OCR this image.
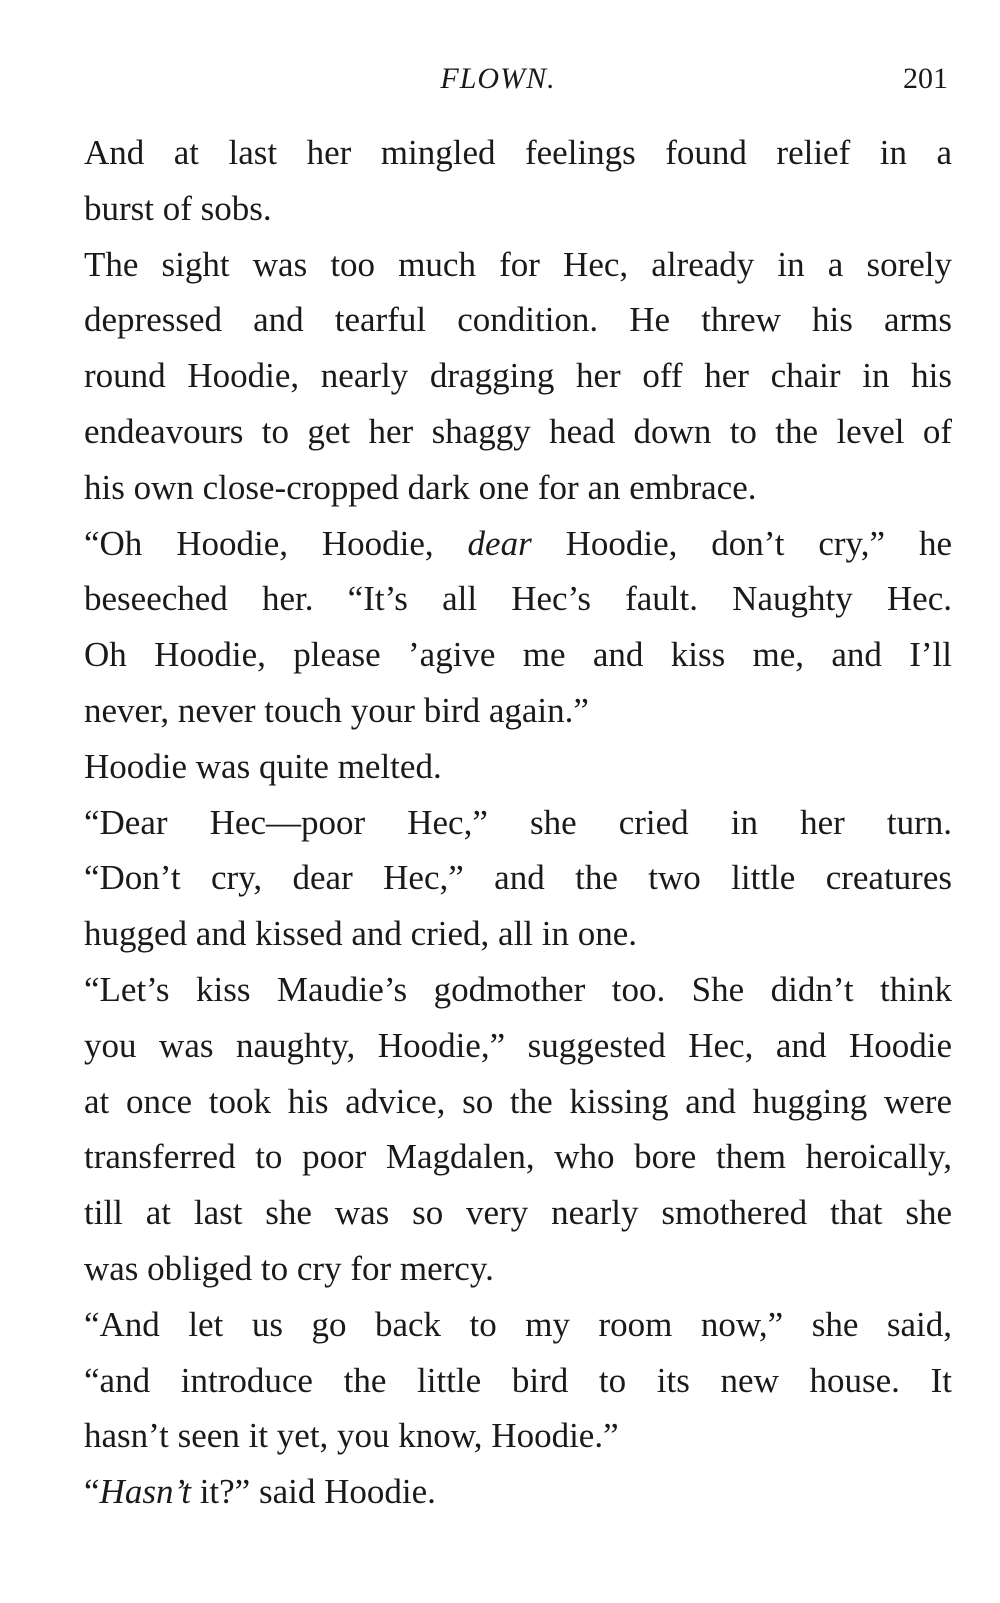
FLOWN.	201

And at last her mingled feelings found relief in a
burst of sobs.

The sight was too much for Hec, already in a sorely
depressed and tearful condition. He threw his arms
round Hoodie, nearly dragging her off her chair in his
endeavours to get her shaggy head down to the level of
his own close-cropped dark one for an embrace.

“Oh Hoodie, Hoodie, dear Hoodie, don’t cry,” he
beseeched her. “It’s all Hec’s fault. Naughty Hec.
Oh Hoodie, please ’agive me and kiss me, and I’ll
never, never touch your bird again.”

Hoodie was quite melted.

“Dear Hec—poor Hec,” she cried in her turn.
“Don’t cry, dear Hec,” and the two little creatures
hugged and kissed and cried, all in one.

“Let’s kiss Maudie’s godmother too. She didn’t think
you was naughty, Hoodie,” suggested Hec, and Hoodie
at once took his advice, so the kissing and hugging were
transferred to poor Magdalen, who bore them heroically,
till at last she was so very nearly smothered that she
was obliged to cry for mercy.

“And let us go back to my room now,” she said,
“and introduce the little bird to its new house. It
hasn’t seen it yet, you know, Hoodie.”

“Hasn’t it?” said Hoodie.
